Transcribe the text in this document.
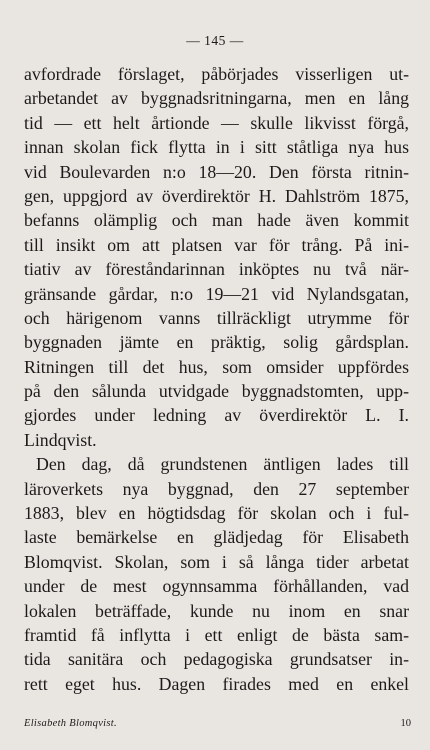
— 145 —
avfordrade förslaget, påbörjades visserligen ut-
arbetandet av byggnadsritningarna, men en lång
tid — ett helt årtionde — skulle likvisst förgå,
innan skolan fick flytta in i sitt ståtliga nya hus
vid Boulevarden n:o 18—20. Den första ritnin-
gen, uppgjord av överdirektör H. Dahlström 1875,
befanns olämplig och man hade även kommit
till insikt om att platsen var för trång. På ini-
tiativ av föreståndarinnan inköptes nu två när-
gränsande gårdar, n:o 19—21 vid Nylandsgatan,
och härigenom vanns tillräckligt utrymme för
byggnaden jämte en präktig, solig gårdsplan.
Ritningen till det hus, som omsider uppfördes
på den sålunda utvidgade byggnadstomten, upp-
gjordes under ledning av överdirektör L. I.
Lindqvist.
Den dag, då grundstenen äntligen lades till
läroverkets nya byggnad, den 27 september
1883, blev en högtidsdag för skolan och i ful-
laste bemärkelse en glädjedag för Elisabeth
Blomqvist. Skolan, som i så långa tider arbetat
under de mest ogynnsamma förhållanden, vad
lokalen beträffade, kunde nu inom en snar
framtid få inflytta i ett enligt de bästa sam-
tida sanitära och pedagogiska grundsatser in-
rett eget hus. Dagen firades med en enkel
Elisabeth Blomqvist.	10
